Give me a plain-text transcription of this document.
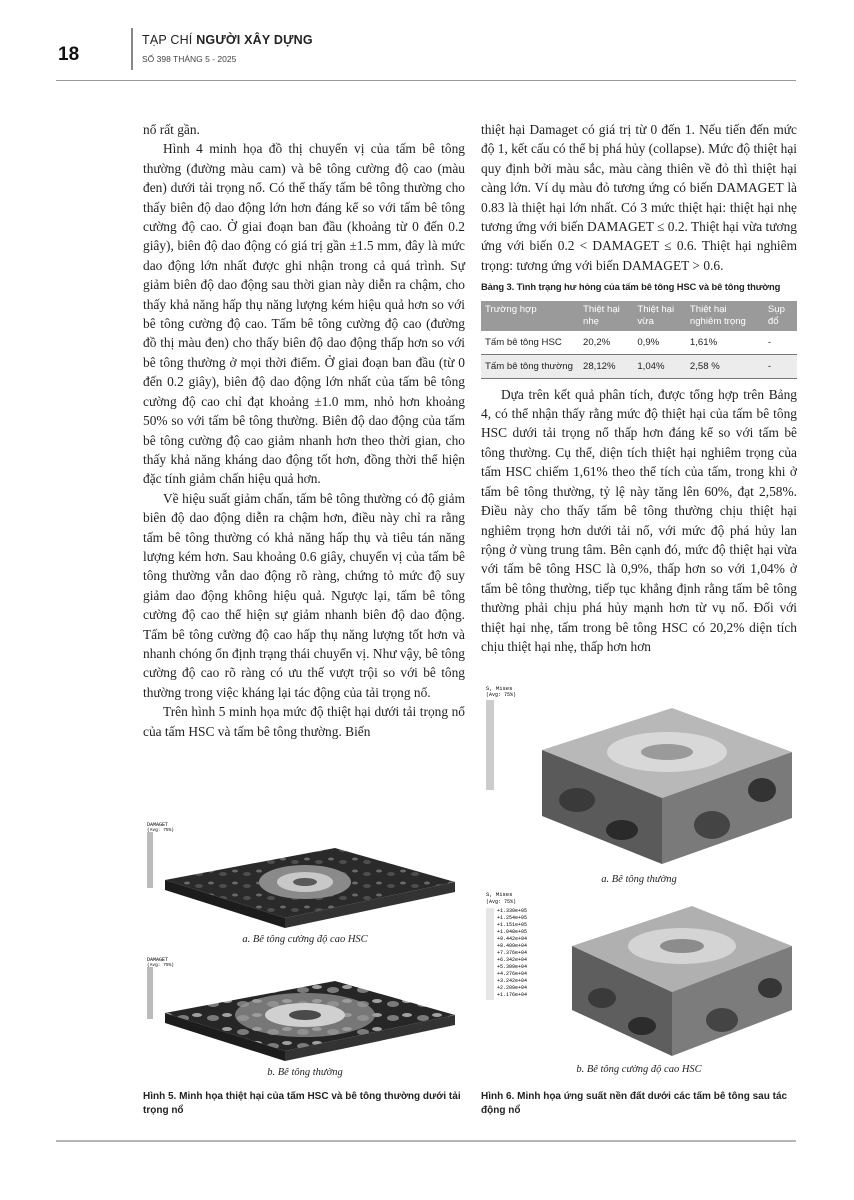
18
TẠP CHÍ NGƯỜI XÂY DỰNG
SỐ 398 THÁNG 5 - 2025

nổ rất gần.

Hình 4 minh họa đồ thị chuyển vị của tấm bê tông thường (đường màu cam) và bê tông cường độ cao (màu đen) dưới tải trọng nổ. Có thể thấy tấm bê tông thường cho thấy biên độ dao động lớn hơn đáng kể so với tấm bê tông cường độ cao. Ở giai đoạn ban đầu (khoảng từ 0 đến 0.2 giây), biên độ dao động có giá trị gần ±1.5 mm, đây là mức dao động lớn nhất được ghi nhận trong cả quá trình. Sự giảm biên độ dao động sau thời gian này diễn ra chậm, cho thấy khả năng hấp thụ năng lượng kém hiệu quả hơn so với bê tông cường độ cao. Tấm bê tông cường độ cao (đường đồ thị màu đen) cho thấy biên độ dao động thấp hơn so với bê tông thường ở mọi thời điểm. Ở giai đoạn ban đầu (từ 0 đến 0.2 giây), biên độ dao động lớn nhất của tấm bê tông cường độ cao chỉ đạt khoảng ±1.0 mm, nhỏ hơn khoảng 50% so với tấm bê tông thường. Biên độ dao động của tấm bê tông cường độ cao giảm nhanh hơn theo thời gian, cho thấy khả năng kháng dao động tốt hơn, đồng thời thể hiện đặc tính giảm chấn hiệu quả hơn.

Về hiệu suất giảm chấn, tấm bê tông thường có độ giảm biên độ dao động diễn ra chậm hơn, điều này chỉ ra rằng tấm bê tông thường có khả năng hấp thụ và tiêu tán năng lượng kém hơn. Sau khoảng 0.6 giây, chuyển vị của tấm bê tông thường vẫn dao động rõ ràng, chứng tỏ mức độ suy giảm dao động không hiệu quả. Ngược lại, tấm bê tông cường độ cao thể hiện sự giảm nhanh biên độ dao động. Tấm bê tông cường độ cao hấp thụ năng lượng tốt hơn và nhanh chóng ổn định trạng thái chuyển vị. Như vậy, bê tông cường độ cao rõ ràng có ưu thế vượt trội so với bê tông thường trong việc kháng lại tác động của tải trọng nổ.

Trên hình 5 minh họa mức độ thiệt hại dưới tải trọng nổ của tấm HSC và tấm bê tông thường. Biến

thiệt hại Damaget có giá trị từ 0 đến 1. Nếu tiến đến mức độ 1, kết cấu có thể bị phá hủy (collapse). Mức độ thiệt hại quy định bởi màu sắc, màu càng thiên về đỏ thì thiệt hại càng lớn. Ví dụ màu đỏ tương ứng có biến DAMAGET là 0.83 là thiệt hại lớn nhất. Có 3 mức thiệt hại: thiệt hại nhẹ tương ứng với biến DAMAGET ≤ 0.2. Thiệt hại vừa tương ứng với biến 0.2 < DAMAGET ≤ 0.6. Thiệt hại nghiêm trọng: tương ứng với biến DAMAGET > 0.6.

Bảng 3. Tình trạng hư hỏng của tấm bê tông HSC và bê tông thường
Trường hợp	Thiệt hại nhẹ	Thiệt hại vừa	Thiệt hại nghiêm trọng	Sụp đổ
Tấm bê tông HSC	20,2%	0,9%	1,61%	-
Tấm bê tông thường	28,12%	1,04%	2,58 %	-

Dựa trên kết quả phân tích, được tổng hợp trên Bảng 4, có thể nhận thấy rằng mức độ thiệt hại của tấm bê tông HSC dưới tải trọng nổ thấp hơn đáng kể so với tấm bê tông thường. Cụ thể, diện tích thiệt hại nghiêm trọng của tấm HSC chiếm 1,61% theo thể tích của tấm, trong khi ở tấm bê tông thường, tỷ lệ này tăng lên 60%, đạt 2,58%. Điều này cho thấy tấm bê tông thường chịu thiệt hại nghiêm trọng hơn dưới tải nổ, với mức độ phá hủy lan rộng ở vùng trung tâm. Bên cạnh đó, mức độ thiệt hại vừa với tấm bê tông HSC là 0,9%, thấp hơn so với 1,04% ở tấm bê tông thường, tiếp tục khẳng định rằng tấm bê tông thường phải chịu phá hủy mạnh hơn từ vụ nổ. Đối với thiệt hại nhẹ, tấm trong bê tông HSC có 20,2% diện tích chịu thiệt hại nhẹ, thấp hơn hơn

DAMAGET
(Avg: 75%)
a. Bê tông cường độ cao HSC
DAMAGET
(Avg: 75%)
b. Bê tông thường
Hình 5. Minh họa thiệt hại của tấm HSC và bê tông thường dưới tải trọng nổ
S, Mises
(Avg: 75%)
a. Bê tông thường
S, Mises
(Avg: 75%)
+1.330e+05
+1.254e+05
+1.151e+05
+1.048e+05
+9.442e+04
+8.409e+04
+7.376e+04
+6.342e+04
+5.309e+04
+4.276e+04
+3.242e+04
+2.209e+04
+1.176e+04
b. Bê tông cường độ cao HSC
Hình 6. Minh họa ứng suất nền đất dưới các tấm bê tông sau tác động nổ
